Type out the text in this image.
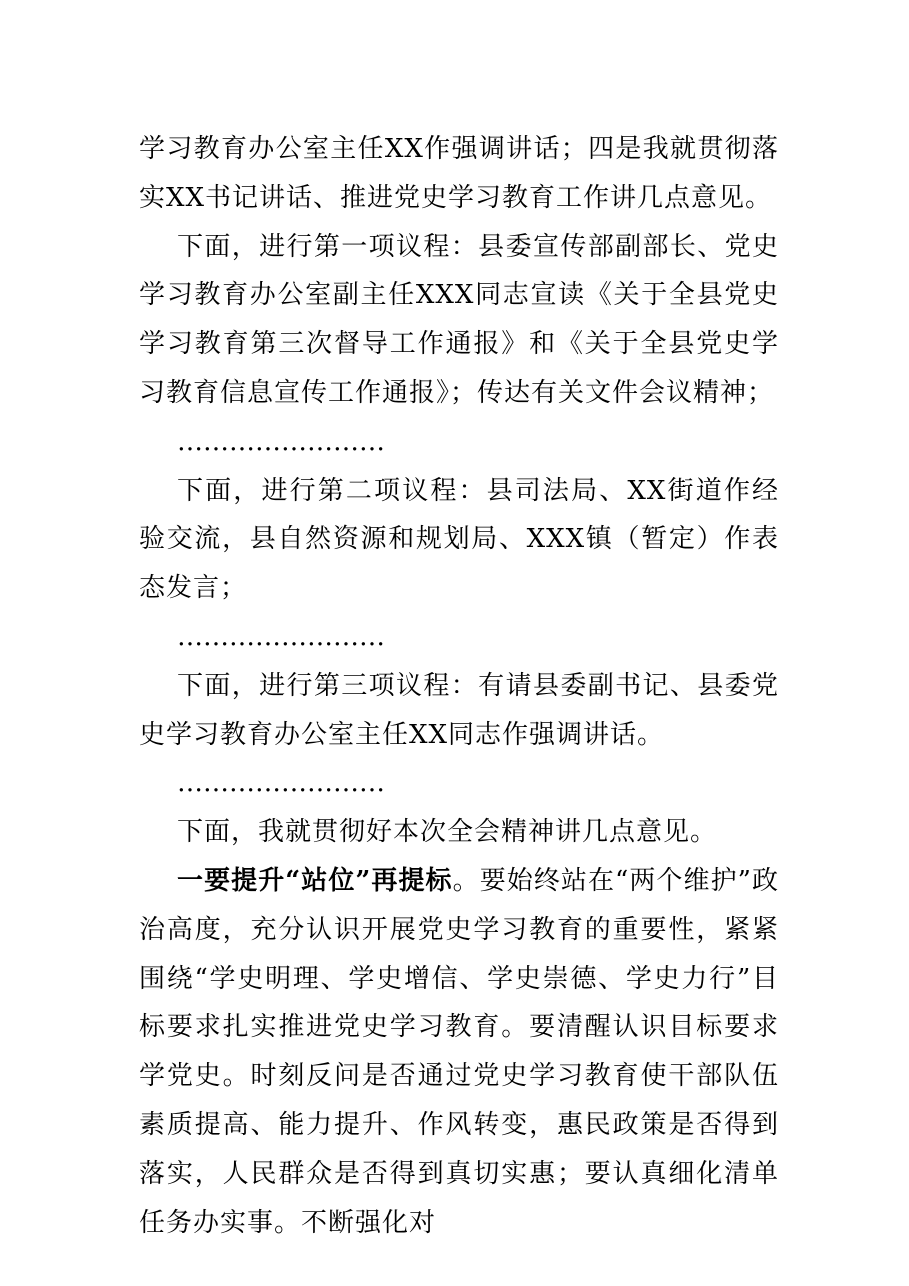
学习教育办公室主任XX作强调讲话；四是我就贯彻落实XX书记讲话、推进党史学习教育工作讲几点意见。

下面，进行第一项议程：县委宣传部副部长、党史学习教育办公室副主任XXX同志宣读《关于全县党史学习教育第三次督导工作通报》和《关于全县党史学习教育信息宣传工作通报》；传达有关文件会议精神；

……………………

下面，进行第二项议程：县司法局、XX街道作经验交流，县自然资源和规划局、XXX镇（暂定）作表态发言；

……………………

下面，进行第三项议程：有请县委副书记、县委党史学习教育办公室主任XX同志作强调讲话。

……………………

下面，我就贯彻好本次全会精神讲几点意见。

一要提升“站位”再提标。要始终站在“两个维护”政治高度，充分认识开展党史学习教育的重要性，紧紧围绕“学史明理、学史增信、学史崇德、学史力行”目标要求扎实推进党史学习教育。要清醒认识目标要求学党史。时刻反问是否通过党史学习教育使干部队伍素质提高、能力提升、作风转变，惠民政策是否得到落实，人民群众是否得到真切实惠；要认真细化清单任务办实事。不断强化对
